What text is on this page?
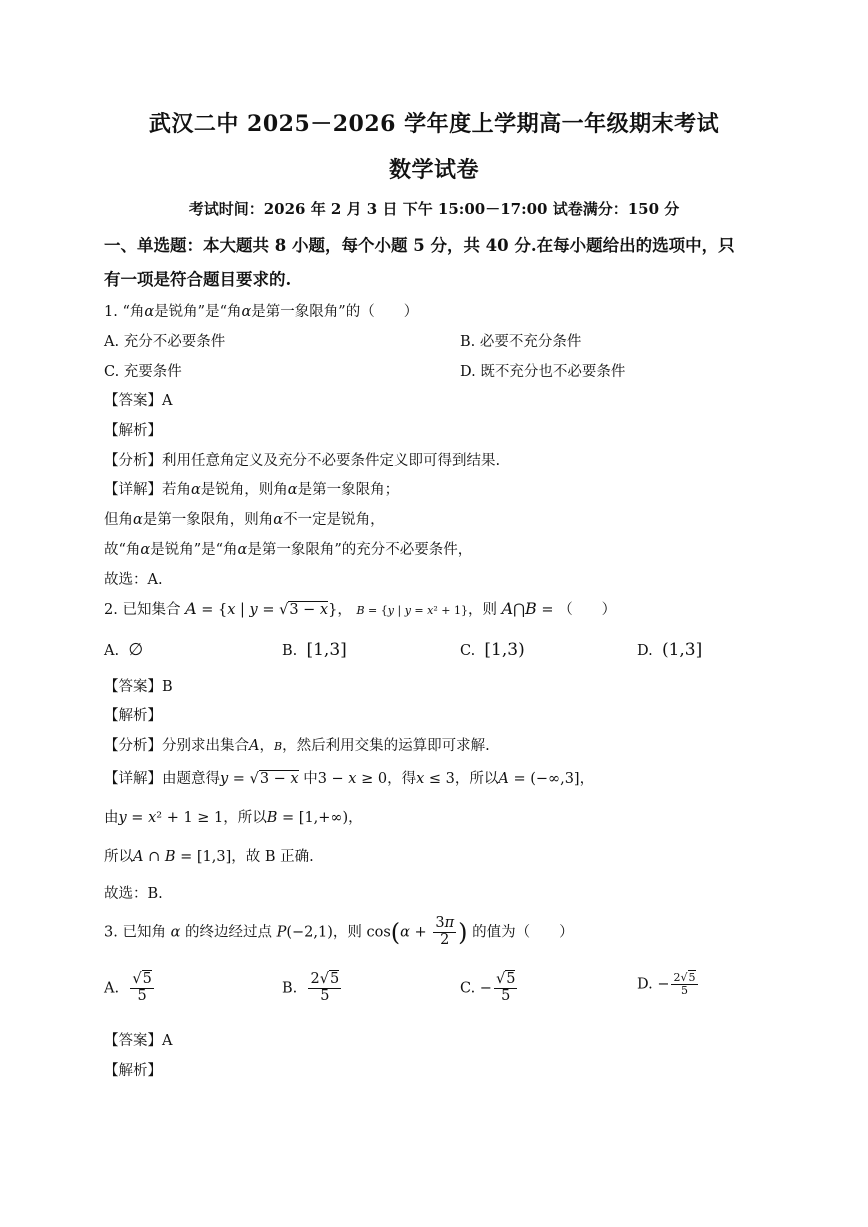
武汉二中 2025－2026 学年度上学期高一年级期末考试
数学试卷
考试时间：2026 年 2 月 3 日 下午 15:00－17:00 试卷满分：150 分
一、单选题：本大题共 8 小题，每个小题 5 分，共 40 分.在每小题给出的选项中，只
有一项是符合题目要求的.
1. “角α是锐角”是“角α是第一象限角”的（　　）
A. 充分不必要条件	B. 必要不充分条件
C. 充要条件	D. 既不充分也不必要条件
【答案】A
【解析】
【分析】利用任意角定义及充分不必要条件定义即可得到结果.
【详解】若角α是锐角，则角α是第一象限角；
但角α是第一象限角，则角α不一定是锐角，
故“角α是锐角”是“角α是第一象限角”的充分不必要条件，
故选：A.
2. 已知集合 A = {x | y = √3 − x}， B = {y | y = x² + 1}，则 A⋂B = （　　）
A. ∅	B. [1,3]	C. [1,3)	D. (1,3]
【答案】B
【解析】
【分析】分别求出集合A，B，然后利用交集的运算即可求解.
【详解】由题意得y = √3 − x 中3 − x ≥ 0，得x ≤ 3，所以A = (−∞,3]，
由y = x² + 1 ≥ 1，所以B = [1,+∞)，
所以A ∩ B = [1,3]，故 B 正确.
故选：B.
3. 已知角 α 的终边经过点 P(−2,1)，则 $\cos(\alpha + \frac{3\pi}{2}$ ) 的值为（　　）
A. $\frac{√5}{5}$	B. $\frac{2√5}{5}$	C. − $\frac{√5}{5}$	D. − $\frac{2√5}{5}$
【答案】A
【解析】
